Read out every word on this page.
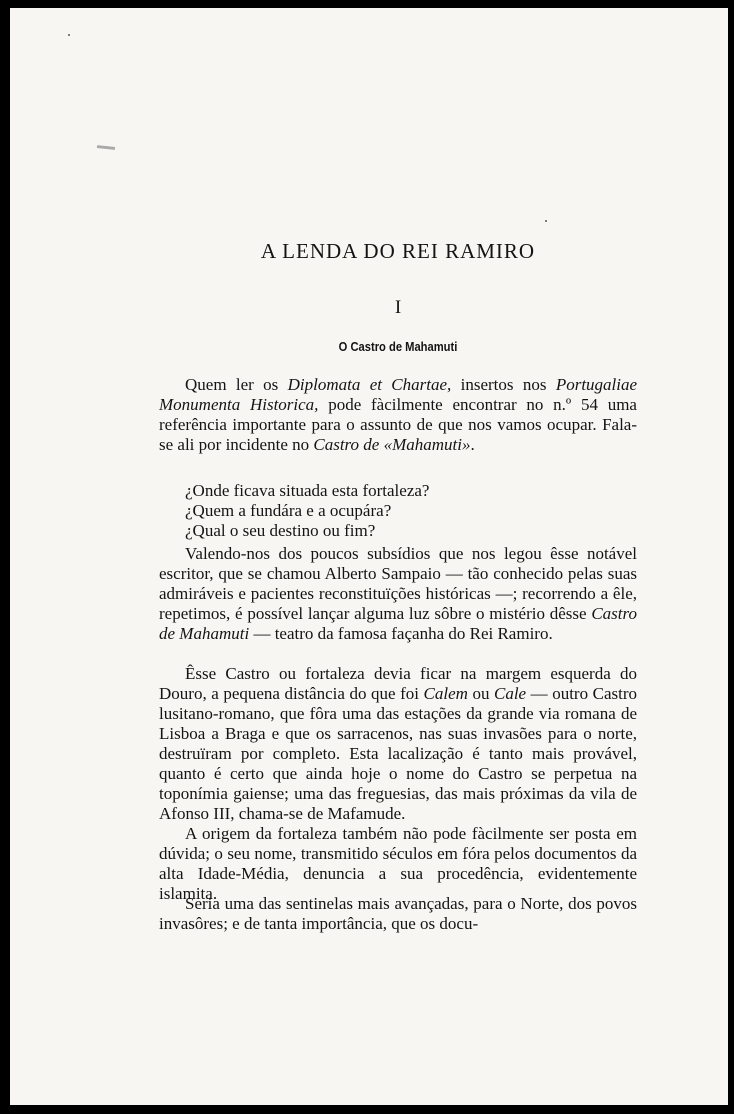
A LENDA DO REI RAMIRO
I
O Castro de Mahamuti

Quem ler os Diplomata et Chartae, insertos nos Portugaliae Monumenta Historica, pode fàcilmente encontrar no n.º 54 uma referência importante para o assunto de que nos vamos ocupar. Fala-se ali por incidente no Castro de «Mahamuti».

¿Onde ficava situada esta fortaleza?
¿Quem a fundára e a ocupára?
¿Qual o seu destino ou fim?

Valendo-nos dos poucos subsídios que nos legou êsse notável escritor, que se chamou Alberto Sampaio — tão conhecido pelas suas admiráveis e pacientes reconstituïções históricas —; recorrendo a êle, repetimos, é possível lançar alguma luz sôbre o mistério dêsse Castro de Mahamuti — teatro da famosa façanha do Rei Ramiro.

Êsse Castro ou fortaleza devia ficar na margem esquerda do Douro, a pequena distância do que foi Calem ou Cale — outro Castro lusitano-romano, que fôra uma das estações da grande via romana de Lisboa a Braga e que os sarracenos, nas suas invasões para o norte, destruïram por completo. Esta lacalização é tanto mais provável, quanto é certo que ainda hoje o nome do Castro se perpetua na toponímia gaiense; uma das freguesias, das mais próximas da vila de Afonso III, chama-se de Mafamude.

A origem da fortaleza também não pode fàcilmente ser posta em dúvida; o seu nome, transmitido séculos em fóra pelos documentos da alta Idade-Média, denuncia a sua procedência, evidentemente islamita.

Seria uma das sentinelas mais avançadas, para o Norte, dos povos invasôres; e de tanta importância, que os docu-
